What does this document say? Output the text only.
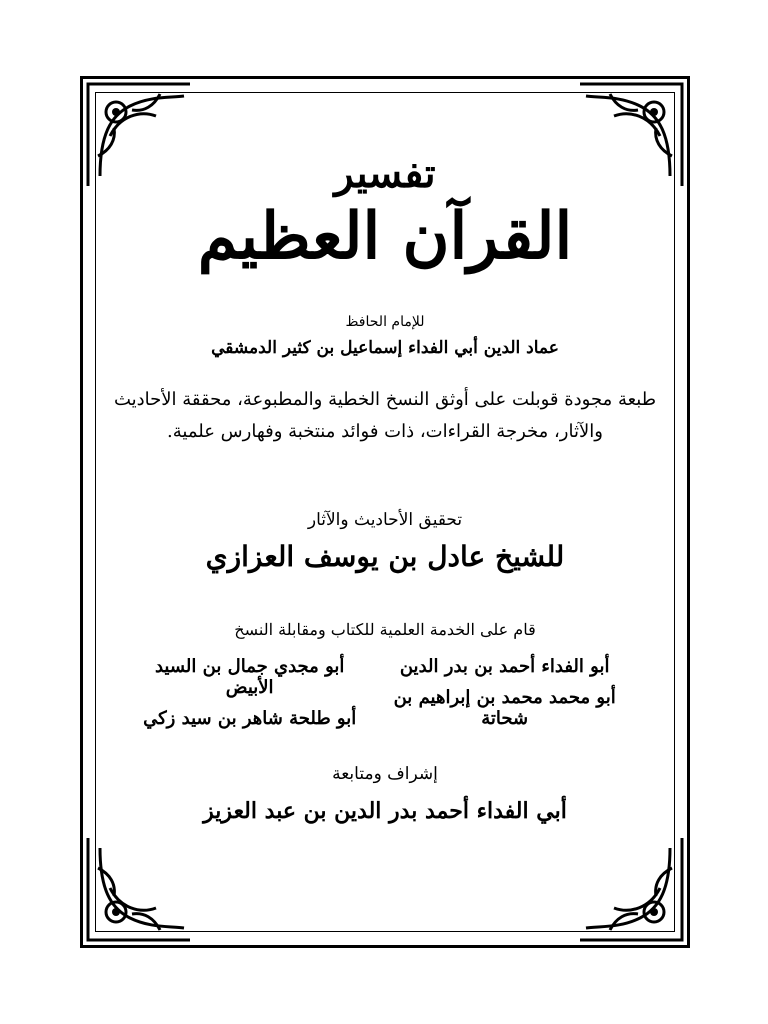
تفسير
القرآن العظيم
للإمام الحافظ
عماد الدين أبي الفداء إسماعيل بن كثير الدمشقي
طبعة مجودة قوبلت على أوثق النسخ الخطية والمطبوعة، محققة الأحاديث والآثار، مخرجة القراءات، ذات فوائد منتخبة وفهارس علمية.
تحقيق الأحاديث والآثار
للشيخ عادل بن يوسف العزازي
قام على الخدمة العلمية للكتاب ومقابلة النسخ
أبو الفداء أحمد بن بدر الدين
أبو محمد محمد بن إبراهيم بن شحاتة
أبو مجدي جمال بن السيد الأبيض
أبو طلحة شاهر بن سيد زكي
إشراف ومتابعة
أبي الفداء أحمد بدر الدين بن عبد العزيز
